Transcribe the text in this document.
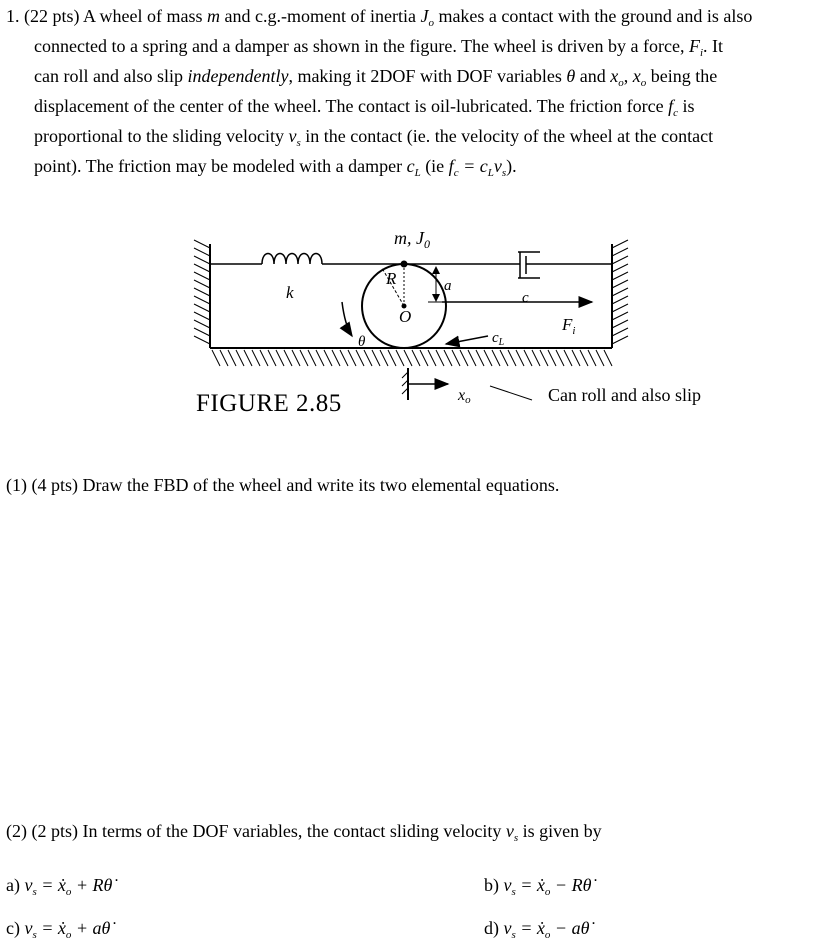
1. (22 pts) A wheel of mass m and c.g.-moment of inertia $J_o$ makes a contact with the ground and is also
connected to a spring and a damper as shown in the figure. The wheel is driven by a force, $F_i$. It
can roll and also slip independently, making it 2DOF with DOF variables θ and $x_o$, $x_o$ being the
displacement of the center of the wheel. The contact is oil-lubricated. The friction force $f_c$ is
proportional to the sliding velocity $v_s$ in the contact (ie. the velocity of the wheel at the contact
point). The friction may be modeled with a damper $c_L$ (ie $f_c = c_Lv_s$).
m, $J_0$
R	a
O
k	c
θ	$c_L$
$F_i$
xo
FIGURE 2.85	Can roll and also slip
(1) (4 pts) Draw the FBD of the wheel and write its two elemental equations.
(2) (2 pts) In terms of the DOF variables, the contact sliding velocity $v_s$ is given by
a) $v_s$ = ẋ$_o$ + Rθ̇	b) $v_s$ = ẋ$_o$ − Rθ̇
c) $v_s$ = ẋ$_o$ + aθ̇	d) $v_s$ = ẋ$_o$ − aθ̇
